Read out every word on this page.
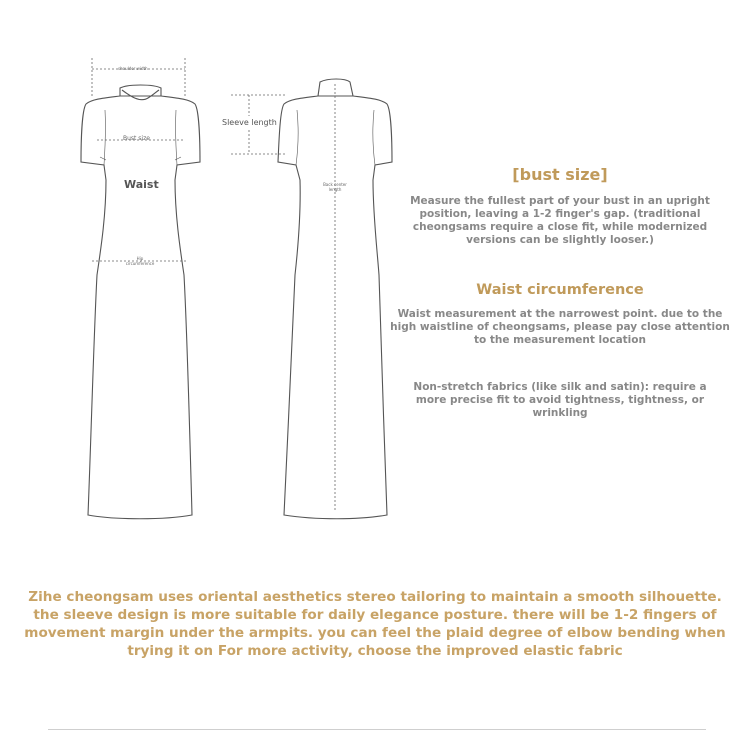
shoulder width
Bust size
Waist
Hip circumference
Sleeve length
Back center length
[bust size]

Measure the fullest part of your bust in an upright position, leaving a 1-2 finger's gap. (traditional cheongsams require a close fit, while modernized versions can be slightly looser.)

Waist circumference

Waist measurement at the narrowest point. due to the high waistline of cheongsams, please pay close attention to the measurement location

Non-stretch fabrics (like silk and satin): require a more precise fit to avoid tightness, tightness, or wrinkling

Zihe cheongsam uses oriental aesthetics stereo tailoring to maintain a smooth silhouette. the sleeve design is more suitable for daily elegance posture. there will be 1-2 fingers of movement margin under the armpits. you can feel the plaid degree of elbow bending when trying it on For more activity, choose the improved elastic fabric
